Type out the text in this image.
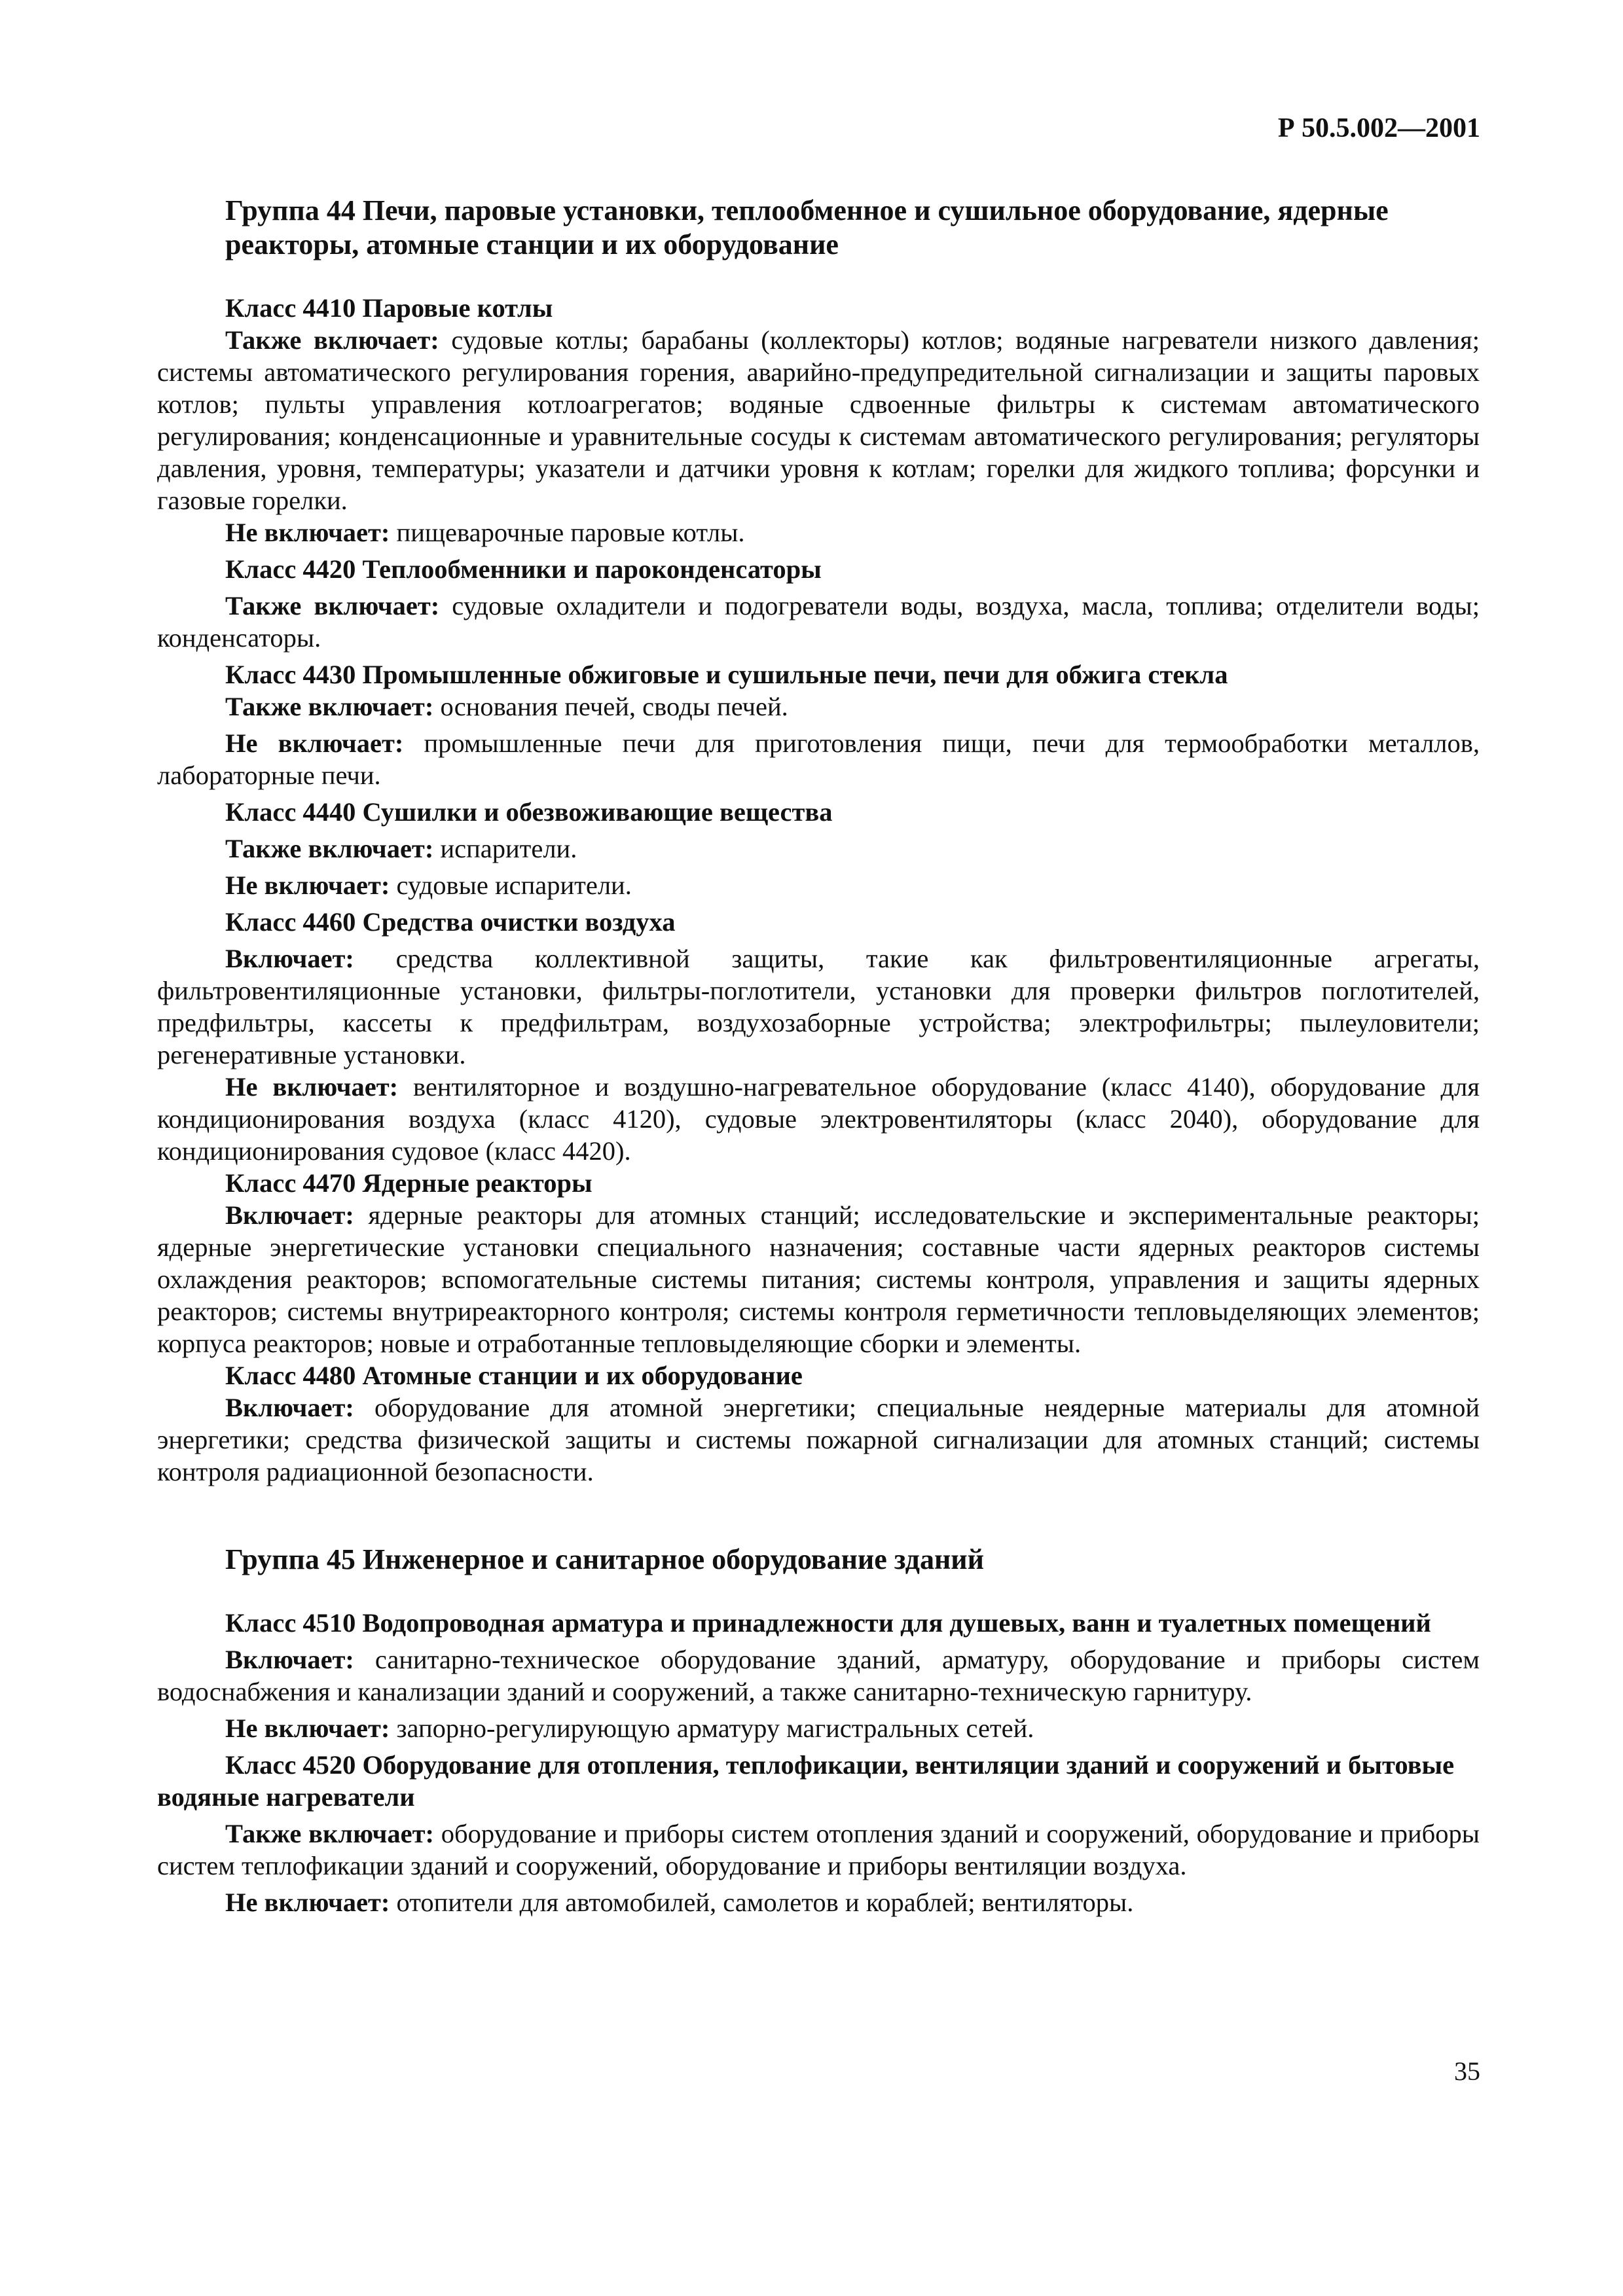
Р 50.5.002—2001

Группа 44 Печи, паровые установки, теплообменное и сушильное оборудование, ядерные реакторы, атомные станции и их оборудование

Класс 4410 Паровые котлы

Также включает: судовые котлы; барабаны (коллекторы) котлов; водяные нагреватели низкого давления; системы автоматического регулирования горения, аварийно-предупредительной сигнализации и защиты паровых котлов; пульты управления котлоагрегатов; водяные сдвоенные фильтры к системам автоматического регулирования; конденсационные и уравнительные сосуды к системам автоматического регулирования; регуляторы давления, уровня, температуры; указатели и датчики уровня к котлам; горелки для жидкого топлива; форсунки и газовые горелки.

Не включает: пищеварочные паровые котлы.

Класс 4420 Теплообменники и пароконденсаторы

Также включает: судовые охладители и подогреватели воды, воздуха, масла, топлива; отделители воды; конденсаторы.

Класс 4430 Промышленные обжиговые и сушильные печи, печи для обжига стекла

Также включает: основания печей, своды печей.

Не включает: промышленные печи для приготовления пищи, печи для термообработки металлов, лабораторные печи.

Класс 4440 Сушилки и обезвоживающие вещества

Также включает: испарители.

Не включает: судовые испарители.

Класс 4460 Средства очистки воздуха

Включает: средства коллективной защиты, такие как фильтровентиляционные агрегаты, фильтровентиляционные установки, фильтры-поглотители, установки для проверки фильтров поглотителей, предфильтры, кассеты к предфильтрам, воздухозаборные устройства; электрофильтры; пылеуловители; регенеративные установки.

Не включает: вентиляторное и воздушно-нагревательное оборудование (класс 4140), оборудование для кондиционирования воздуха (класс 4120), судовые электровентиляторы (класс 2040), оборудование для кондиционирования судовое (класс 4420).

Класс 4470 Ядерные реакторы

Включает: ядерные реакторы для атомных станций; исследовательские и экспериментальные реакторы; ядерные энергетические установки специального назначения; составные части ядерных реакторов системы охлаждения реакторов; вспомогательные системы питания; системы контроля, управления и защиты ядерных реакторов; системы внутриреакторного контроля; системы контроля герметичности тепловыделяющих элементов; корпуса реакторов; новые и отработанные тепловыделяющие сборки и элементы.

Класс 4480 Атомные станции и их оборудование

Включает: оборудование для атомной энергетики; специальные неядерные материалы для атомной энергетики; средства физической защиты и системы пожарной сигнализации для атомных станций; системы контроля радиационной безопасности.

Группа 45 Инженерное и санитарное оборудование зданий

Класс 4510 Водопроводная арматура и принадлежности для душевых, ванн и туалетных помещений

Включает: санитарно-техническое оборудование зданий, арматуру, оборудование и приборы систем водоснабжения и канализации зданий и сооружений, а также санитарно-техническую гарнитуру.

Не включает: запорно-регулирующую арматуру магистральных сетей.

Класс 4520 Оборудование для отопления, теплофикации, вентиляции зданий и сооружений и бытовые водяные нагреватели

Также включает: оборудование и приборы систем отопления зданий и сооружений, оборудование и приборы систем теплофикации зданий и сооружений, оборудование и приборы вентиляции воздуха.

Не включает: отопители для автомобилей, самолетов и кораблей; вентиляторы.

35
